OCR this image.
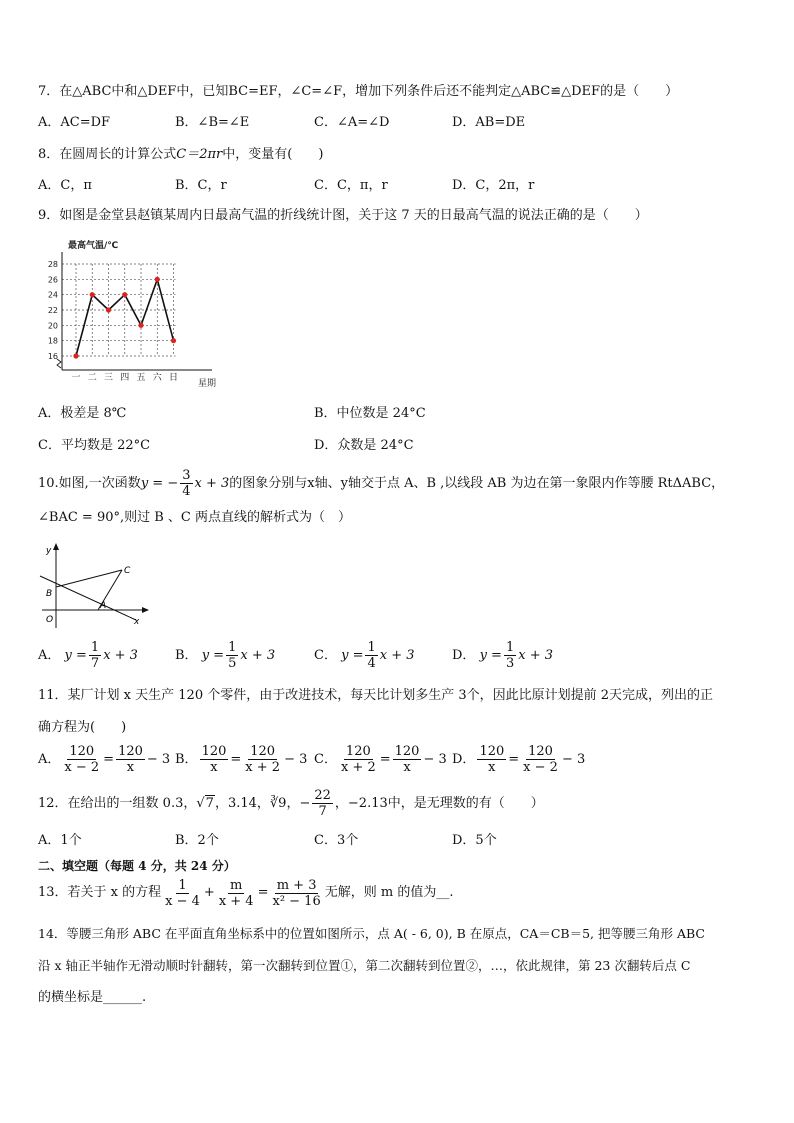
7．在△ABC中和△DEF中，已知BC=EF，∠C=∠F，增加下列条件后还不能判定△ABC≌△DEF的是（　　）
A．AC=DF	B．∠B=∠E	C．∠A=∠D	D．AB=DE
8．在圆周长的计算公式C＝2πr中，变量有(　　)
A．C，π	B．C，r	C．C，π，r	D．C，2π，r
9．如图是金堂县赵镇某周内日最高气温的折线统计图，关于这 7 天的日最高气温的说法正确的是（　　）
最高气温/℃
16
18
20
22
24
26
28
一 二 三 四 五 六 日
星期
A．极差是 8℃	B．中位数是 24°C
C．平均数是 22°C	D．众数是 24°C
10.如图,一次函数 y = − $\frac{3}{4}$ x + 3 的图象分别与x轴、y轴交于点 A、B ,以线段 AB 为边在第一象限内作等腰 RtΔABC，
∠BAC = 90°,则过 B 、C 两点直线的解析式为（　）
y
x
O
B
A
C
A．
$y = \frac{1}{7}$ x + 3	B．
$y = \frac{1}{5}$ x + 3	C．
$y = \frac{1}{4}$ x + 3	D．
$y = \frac{1}{3}$ x + 3
11．某厂计划 x 天生产 120 个零件，由于改进技术，每天比计划多生产 3个，因此比原计划提前 2天完成，列出的正
确方程为(　　)
A． $\frac{120}{x - 2} = \frac{120}{x} - 3$ B． $\frac{120}{x} = \frac{120}{x + 2} - 3$ C． $\frac{120}{x + 2} = \frac{120}{x} - 3$ D． $\frac{120}{x} = \frac{120}{x - 2} - 3$
12．在给出的一组数 0.3， √7 ，3.14， ∛9 ，− $\frac{22}{7}$ ，−2.13中，是无理数的有（　　）
A．1个	B．2个	C．3个	D．5个
二、填空题（每题 4 分，共 24 分）
13．若关于 x 的方程 $\frac{1}{x - 4} + \frac{m}{x + 4} = \frac{m + 3}{\text{x² − 16}}$ 无解，则 m 的值为__.
14．等腰三角形 ABC 在平面直角坐标系中的位置如图所示，点 A( - 6, 0), B 在原点，CA＝CB＝5, 把等腰三角形 ABC
沿 x 轴正半轴作无滑动顺时针翻转，第一次翻转到位置①，第二次翻转到位置②，…，依此规律，第 23 次翻转后点 C
的横坐标是______.
